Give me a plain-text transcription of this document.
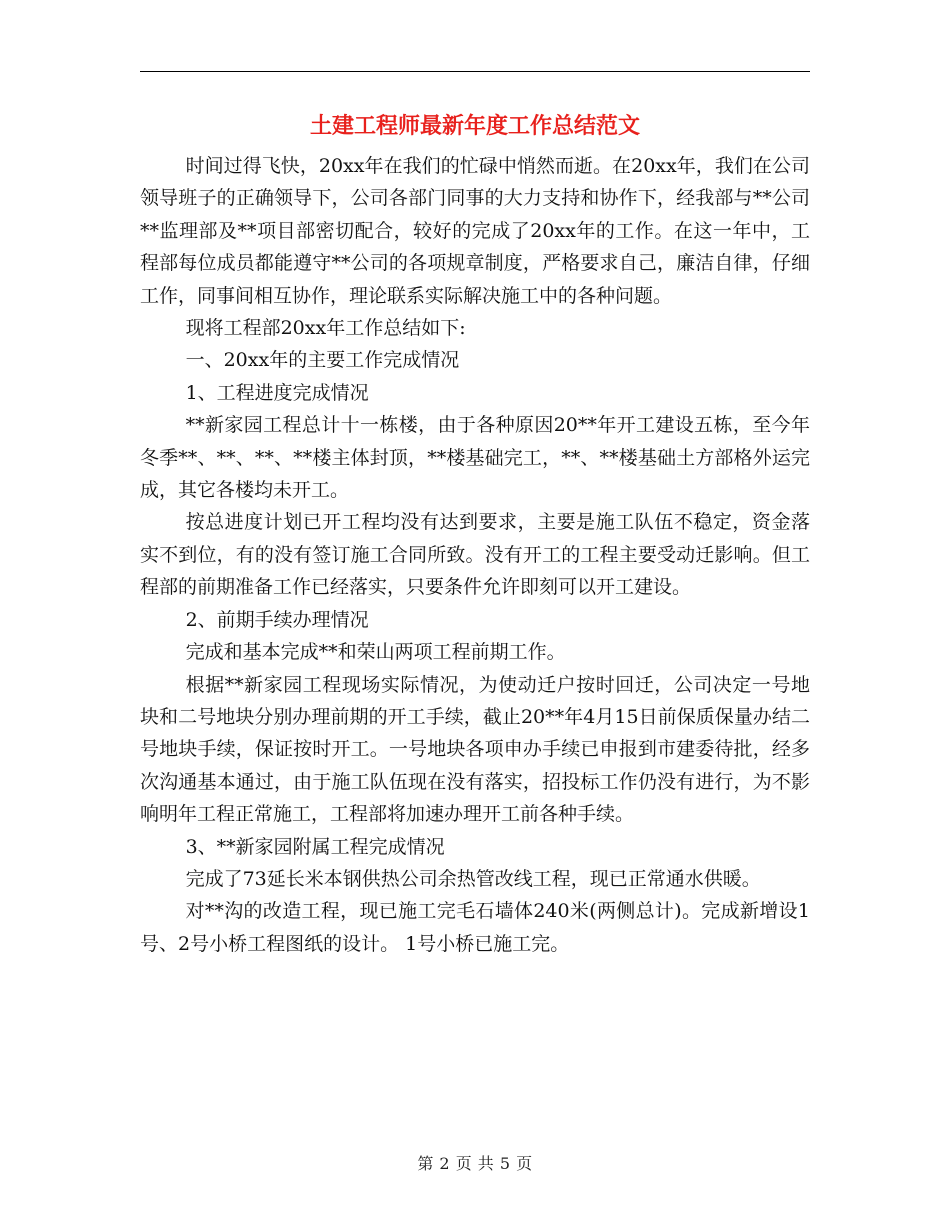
土建工程师最新年度工作总结范文

时间过得飞快，20xx年在我们的忙碌中悄然而逝。在20xx年，我们在公司领导班子的正确领导下，公司各部门同事的大力支持和协作下，经我部与**公司**监理部及**项目部密切配合，较好的完成了20xx年的工作。在这一年中，工程部每位成员都能遵守**公司的各项规章制度，严格要求自己，廉洁自律，仔细工作，同事间相互协作，理论联系实际解决施工中的各种问题。

现将工程部20xx年工作总结如下:

一、20xx年的主要工作完成情况

1、工程进度完成情况

**新家园工程总计十一栋楼，由于各种原因20**年开工建设五栋，至今年冬季**、**、**、**楼主体封顶，**楼基础完工，**、**楼基础土方部格外运完成，其它各楼均未开工。

按总进度计划已开工程均没有达到要求，主要是施工队伍不稳定，资金落实不到位，有的没有签订施工合同所致。没有开工的工程主要受动迁影响。但工程部的前期准备工作已经落实，只要条件允许即刻可以开工建设。

2、前期手续办理情况

完成和基本完成**和荣山两项工程前期工作。

根据**新家园工程现场实际情况，为使动迁户按时回迁，公司决定一号地块和二号地块分别办理前期的开工手续，截止20**年4月15日前保质保量办结二号地块手续，保证按时开工。一号地块各项申办手续已申报到市建委待批，经多次沟通基本通过，由于施工队伍现在没有落实，招投标工作仍没有进行，为不影响明年工程正常施工，工程部将加速办理开工前各种手续。

3、**新家园附属工程完成情况

完成了73延长米本钢供热公司余热管改线工程，现已正常通水供暖。

对**沟的改造工程，现已施工完毛石墙体240米(两侧总计)。完成新增设1号、2号小桥工程图纸的设计。 1号小桥已施工完。

第 2 页 共 5 页
